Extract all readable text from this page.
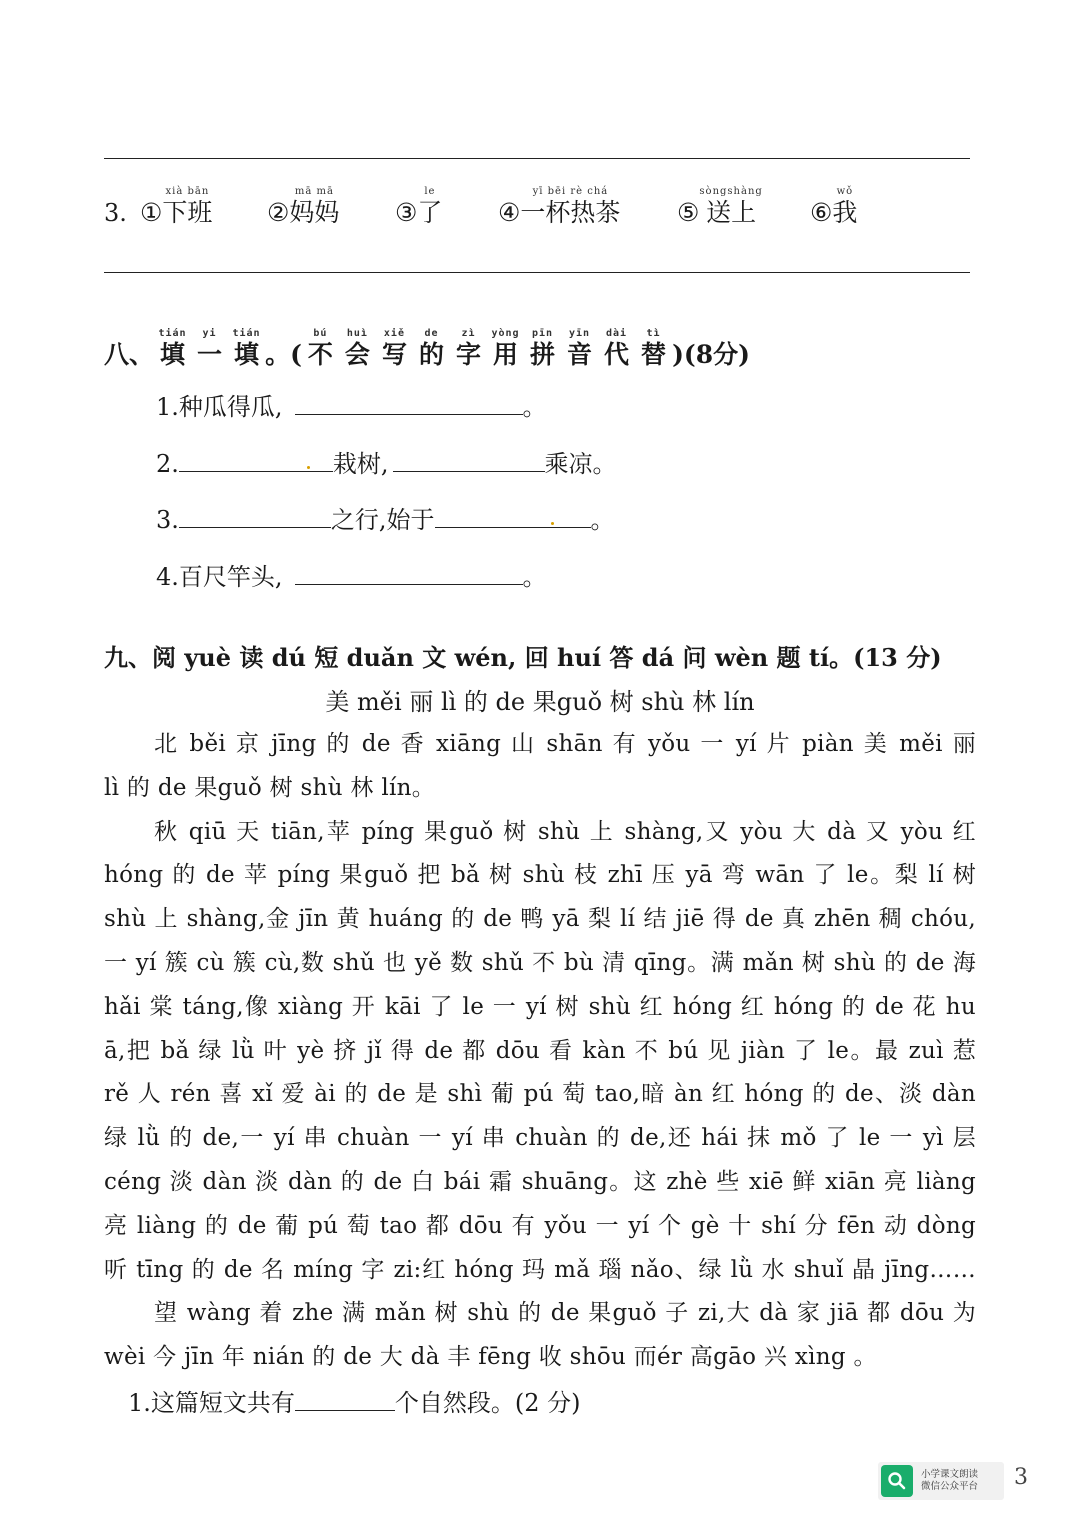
3. ①
xià bān
下班 ②
mā mā
妈妈 ③
le
了 ④
yī bēi rè chá
一杯热茶 ⑤
sòngshàng
送上 ⑥
wǒ
我
八、
tián
填
yi
一
tián
填 。(
bú
不
huì
会
xiě
写
de
的
zì
字
yòng
用
pīn
拼
yīn
音
dài
代
tì
替 )(8分)
1.种瓜得瓜,	。
2.	栽树,	乘凉。
3.	之行,始于	。
4.百尺竿头,	。
九、阅 yuè 读 dú 短 duǎn 文 wén, 回 huí 答 dá 问 wèn 题 tí。(13 分)
美 měi 丽 lì 的 de 果guǒ 树 shù 林 lín
北 běi 京 jīng 的 de 香 xiāng 山 shān 有 yǒu 一 yí 片 piàn 美 měi 丽
lì 的 de 果guǒ 树 shù 林 lín。
秋 qiū 天 tiān,苹 píng 果guǒ 树 shù 上 shàng,又 yòu 大 dà 又 yòu 红
hóng 的 de 苹 píng 果guǒ 把 bǎ 树 shù 枝 zhī 压 yā 弯 wān 了 le。梨 lí 树
shù 上 shàng,金 jīn 黄 huáng 的 de 鸭 yā 梨 lí 结 jiē 得 de 真 zhēn 稠 chóu,
一 yí 簇 cù 簇 cù,数 shǔ 也 yě 数 shǔ 不 bù 清 qīng。满 mǎn 树 shù 的 de 海
hǎi 棠 táng,像 xiàng 开 kāi 了 le 一 yí 树 shù 红 hóng 红 hóng 的 de 花 hu
ā,把 bǎ 绿 lǜ 叶 yè 挤 jǐ 得 de 都 dōu 看 kàn 不 bú 见 jiàn 了 le。最 zuì 惹
rě 人 rén 喜 xǐ 爱 ài 的 de 是 shì 葡 pú 萄 tao,暗 àn 红 hóng 的 de、淡 dàn
绿 lǜ 的 de,一 yí 串 chuàn 一 yí 串 chuàn 的 de,还 hái 抹 mǒ 了 le 一 yì 层
céng 淡 dàn 淡 dàn 的 de 白 bái 霜 shuāng。这 zhè 些 xiē 鲜 xiān 亮 liàng
亮 liàng 的 de 葡 pú 萄 tao 都 dōu 有 yǒu 一 yí 个 gè 十 shí 分 fēn 动 dòng
听 tīng 的 de 名 míng 字 zi:红 hóng 玛 mǎ 瑙 nǎo、绿 lǜ 水 shuǐ 晶 jīng……
望 wàng 着 zhe 满 mǎn 树 shù 的 de 果guǒ 子 zi,大 dà 家 jiā 都 dōu 为
wèi 今 jīn 年 nián 的 de 大 dà 丰 fēng 收 shōu 而ér 高gāo 兴 xìng 。
1.这篇短文共有	个自然段。(2 分)
小学课文朗读
微信公众平台 3
